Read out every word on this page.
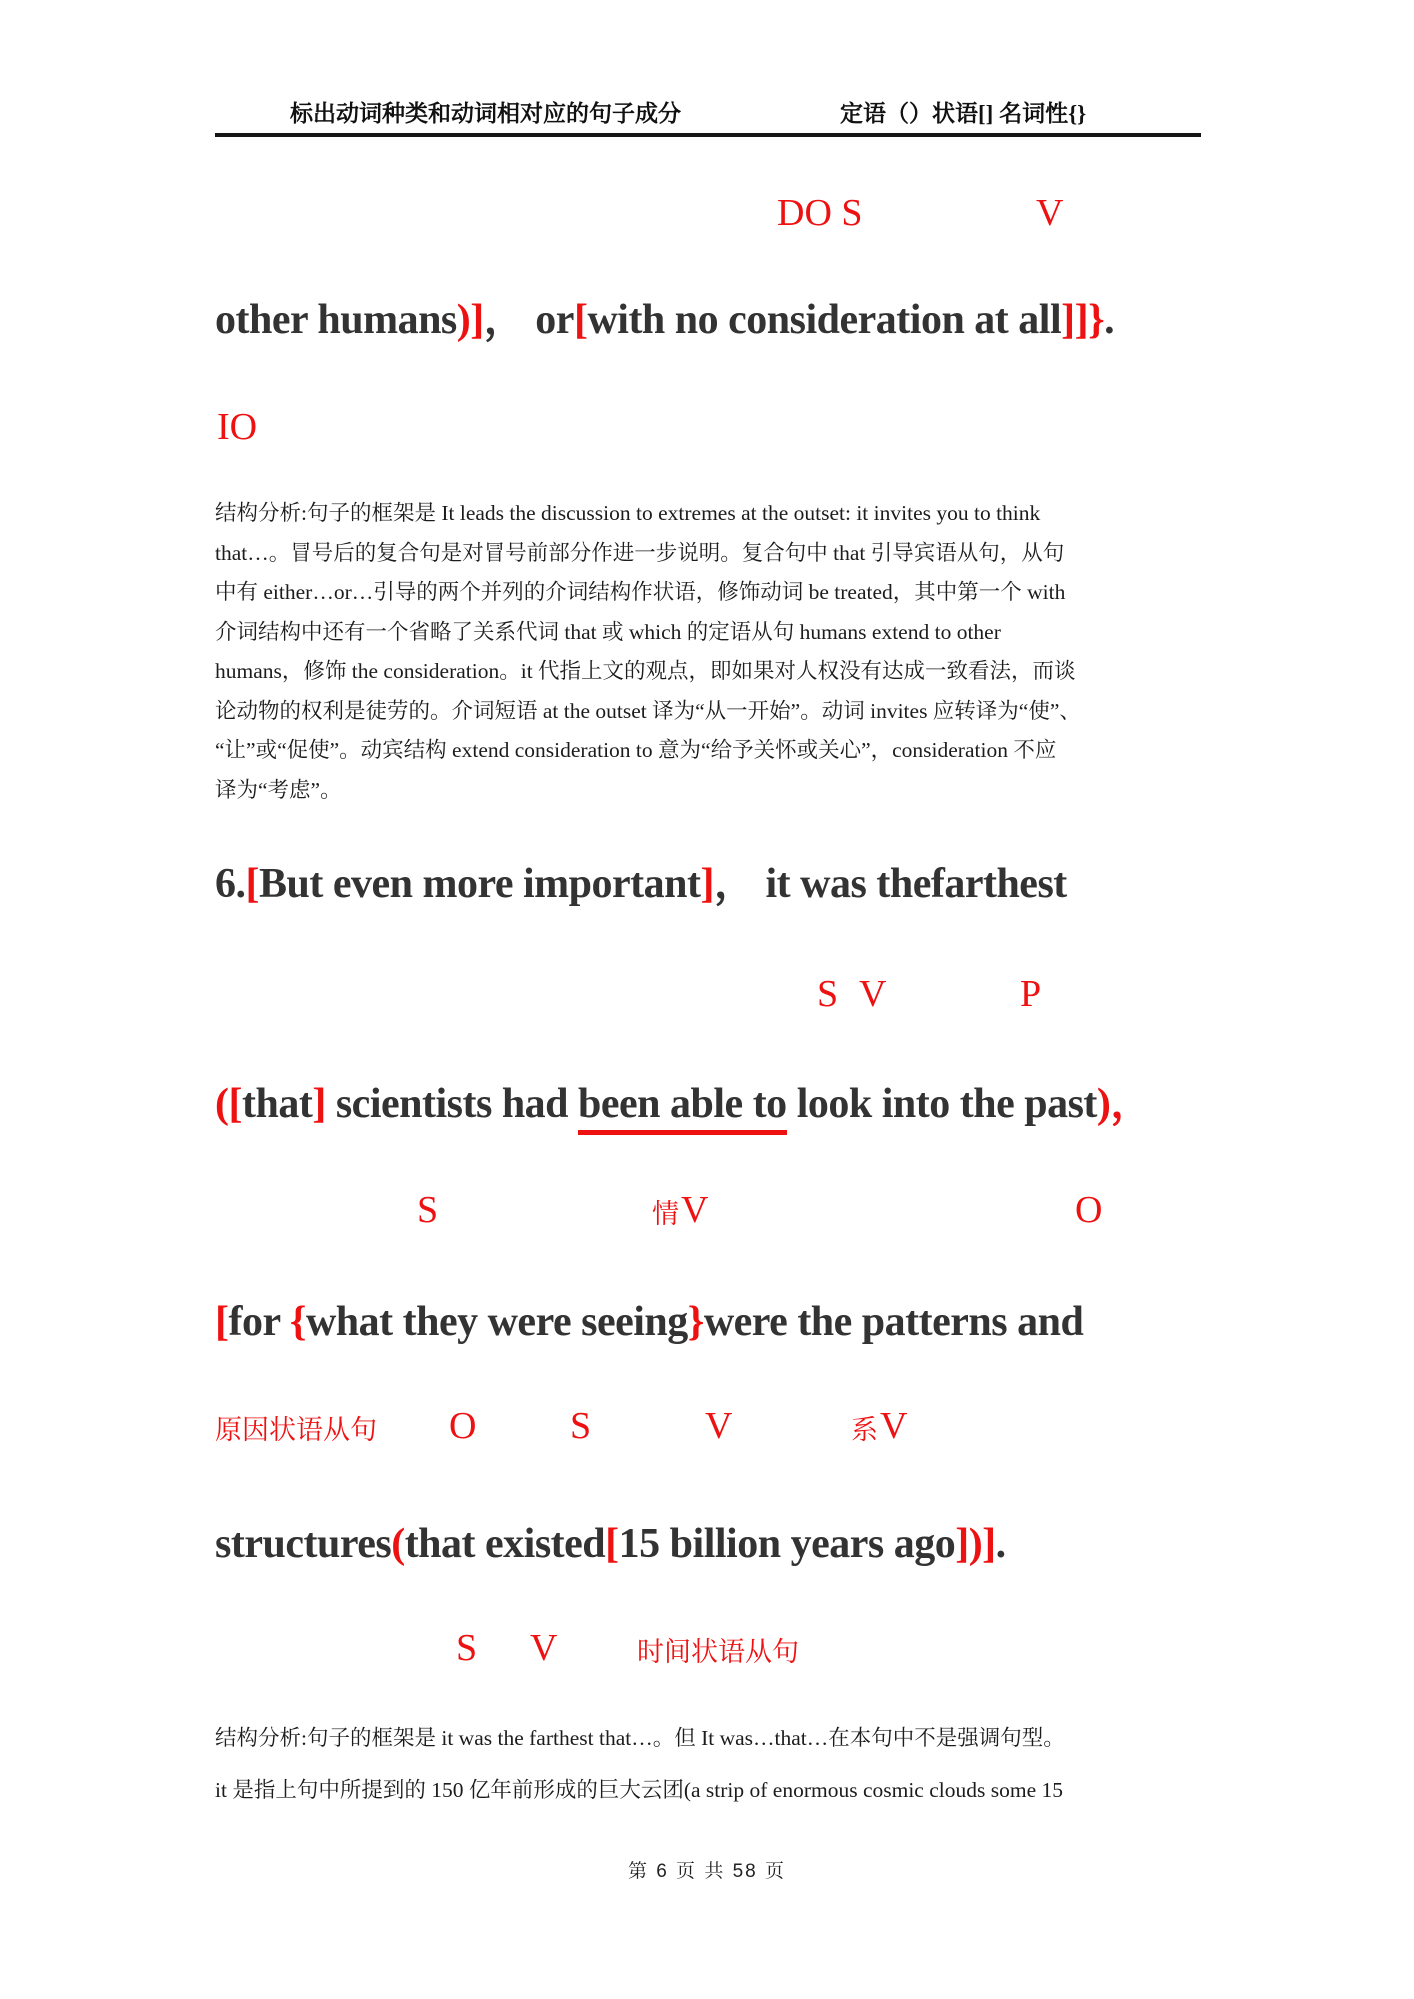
标出动词种类和动词相对应的句子成分	定语（）状语[] 名词性{}
DO S	V
other humans)]， or[with no consideration at all]]}.
IO
结构分析:句子的框架是 It leads the discussion to extremes at the outset: it invites you to think
that…。冒号后的复合句是对冒号前部分作进一步说明。复合句中 that 引导宾语从句，从句
中有 either…or…引导的两个并列的介词结构作状语，修饰动词 be treated，其中第一个 with
介词结构中还有一个省略了关系代词 that 或 which 的定语从句 humans extend to other
humans，修饰 the consideration。it 代指上文的观点，即如果对人权没有达成一致看法，而谈
论动物的权利是徒劳的。介词短语 at the outset 译为“从一开始”。动词 invites 应转译为“使”、
“让”或“促使”。动宾结构 extend consideration to 意为“给予关怀或关心”，consideration 不应
译为“考虑”。
6.[But even more important]， it was thefarthest
S V	P
([that] scientists had been able to look into the past)，
S	情 V	O
[for {what they were seeing}were the patterns and
原因状语从句 O S	V	系 V
structures(that existed[15 billion years ago])].
S V	时间状语从句
结构分析:句子的框架是 it was the farthest that…。但 It was…that…在本句中不是强调句型。
it 是指上句中所提到的 150 亿年前形成的巨大云团(a strip of enormous cosmic clouds some 15
第 6 页 共 58 页
